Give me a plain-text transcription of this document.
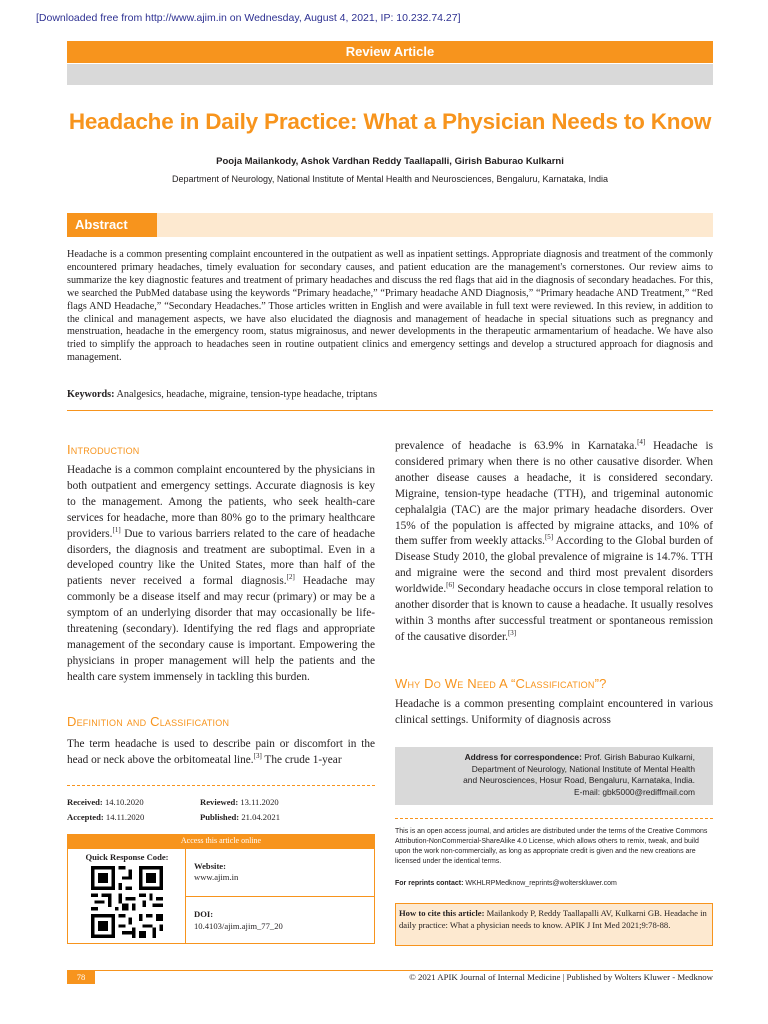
[Downloaded free from http://www.ajim.in on Wednesday, August 4, 2021, IP: 10.232.74.27]
Review Article
Headache in Daily Practice: What a Physician Needs to Know
Pooja Mailankody, Ashok Vardhan Reddy Taallapalli, Girish Baburao Kulkarni
Department of Neurology, National Institute of Mental Health and Neurosciences, Bengaluru, Karnataka, India
Abstract
Headache is a common presenting complaint encountered in the outpatient as well as inpatient settings. Appropriate diagnosis and treatment of the commonly encountered primary headaches, timely evaluation for secondary causes, and patient education are the management's cornerstones. Our review aims to summarize the key diagnostic features and treatment of primary headaches and discuss the red flags that aid in the diagnosis of secondary headaches. For this, we searched the PubMed database using the keywords “Primary headache,” “Primary headache AND Diagnosis,” “Primary headache AND Treatment,” “Red flags AND Headache,” “Secondary Headaches.” Those articles written in English and were available in full text were reviewed. In this review, in addition to the clinical and management aspects, we have also elucidated the diagnosis and management of headache in special situations such as pregnancy and menstruation, headache in the emergency room, status migrainosus, and newer developments in the therapeutic armamentarium of headache. We have also tried to simplify the approach to headaches seen in routine outpatient clinics and emergency settings and develop a structured approach for diagnosis and management.
Keywords: Analgesics, headache, migraine, tension-type headache, triptans
Introduction
Headache is a common complaint encountered by the physicians in both outpatient and emergency settings. Accurate diagnosis is key to the management. Among the patients, who seek health-care services for headache, more than 80% go to the primary healthcare providers.[1] Due to various barriers related to the care of headache disorders, the diagnosis and treatment are suboptimal. Even in a developed country like the United States, more than half of the patients never received a formal diagnosis.[2] Headache may commonly be a disease itself and may recur (primary) or may be a symptom of an underlying disorder that may occasionally be life-threatening (secondary). Identifying the red flags and appropriate management of the secondary cause is important. Empowering the physicians in proper management will help the patients and the health care system immensely in tackling this burden.
Definition and Classification
The term headache is used to describe pain or discomfort in the head or neck above the orbitomeatal line.[3] The crude 1-year
Received: 14.10.2020
Accepted: 14.11.2020
Reviewed: 13.11.2020
Published: 21.04.2021
Access this article online
Quick Response Code:
Website:
www.ajim.in
DOI:
10.4103/ajim.ajim_77_20
prevalence of headache is 63.9% in Karnataka.[4] Headache is considered primary when there is no other causative disorder. When another disease causes a headache, it is considered secondary. Migraine, tension-type headache (TTH), and trigeminal autonomic cephalalgia (TAC) are the major primary headache disorders. Over 15% of the population is affected by migraine attacks, and 10% of them suffer from weekly attacks.[5] According to the Global burden of Disease Study 2010, the global prevalence of migraine is 14.7%. TTH and migraine were the second and third most prevalent disorders worldwide.[6] Secondary headache occurs in close temporal relation to another disorder that is known to cause a headache. It usually resolves within 3 months after successful treatment or spontaneous remission of the causative disorder.[3]
Why Do We Need A “Classification”?
Headache is a common presenting complaint encountered in various clinical settings. Uniformity of diagnosis across
Address for correspondence: Prof. Girish Baburao Kulkarni,
Department of Neurology, National Institute of Mental Health
and Neurosciences, Hosur Road, Bengaluru, Karnataka, India.
E-mail: gbk5000@rediffmail.com
This is an open access journal, and articles are distributed under the terms of the Creative Commons Attribution-NonCommercial-ShareAlike 4.0 License, which allows others to remix, tweak, and build upon the work non-commercially, as long as appropriate credit is given and the new creations are licensed under the identical terms.
For reprints contact: WKHLRPMedknow_reprints@wolterskluwer.com
How to cite this article: Mailankody P, Reddy Taallapalli AV, Kulkarni GB. Headache in daily practice: What a physician needs to know. APIK J Int Med 2021;9:78-88.
78	© 2021 APIK Journal of Internal Medicine | Published by Wolters Kluwer - Medknow
